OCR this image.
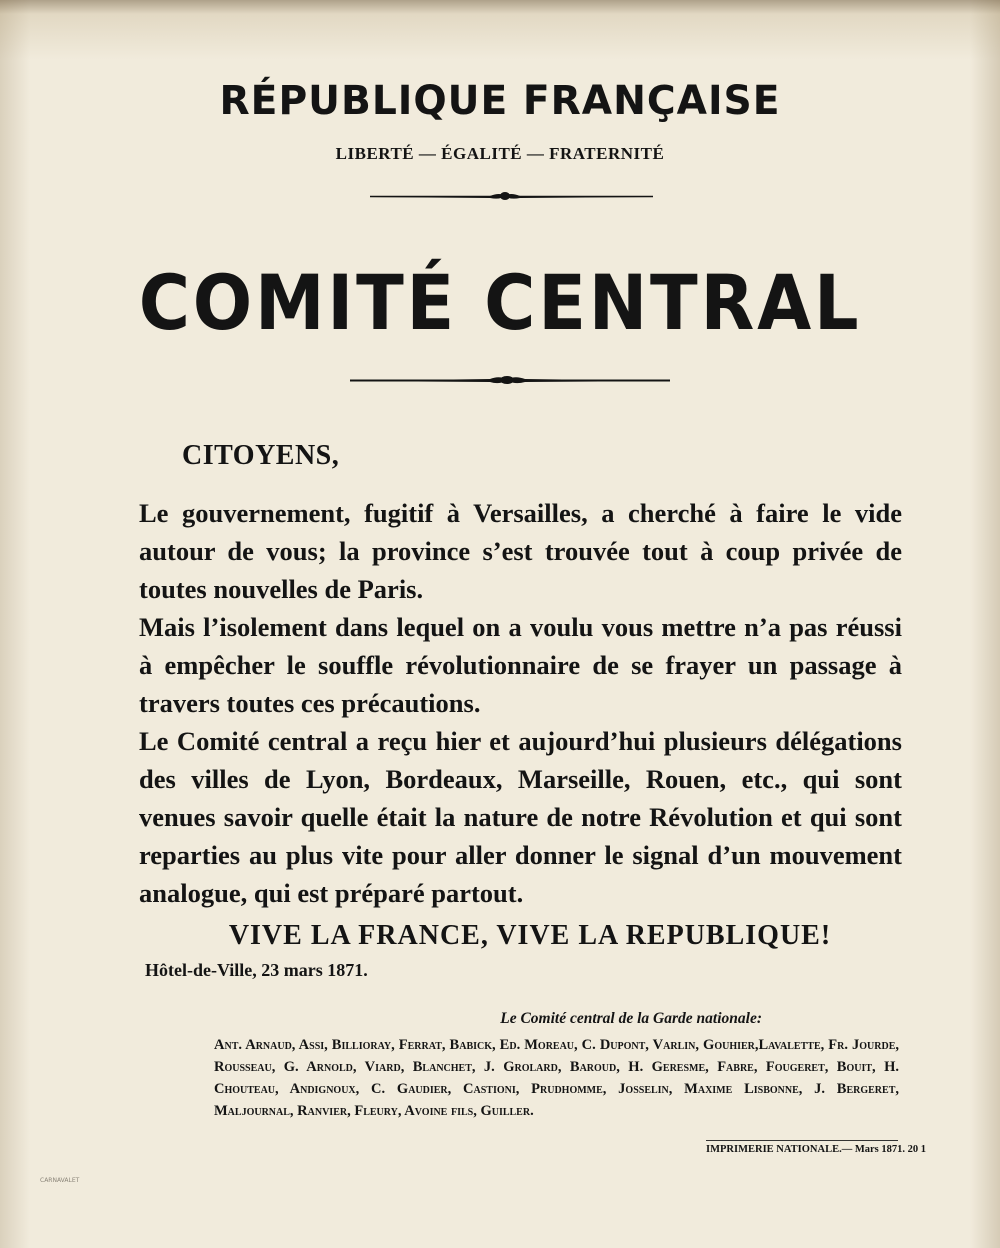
RÉPUBLIQUE FRANÇAISE
LIBERTÉ — ÉGALITÉ — FRATERNITÉ
COMITÉ CENTRAL
CITOYENS,

Le gouvernement, fugitif à Versailles, a cherché à faire le vide autour de vous; la province s’est trouvée tout à coup privée de toutes nouvelles de Paris.

Mais l’isolement dans lequel on a voulu vous mettre n’a pas réussi à empêcher le souffle révolutionnaire de se frayer un passage à travers toutes ces précautions.

Le Comité central a reçu hier et aujourd’hui plusieurs délégations des villes de Lyon, Bordeaux, Marseille, Rouen, etc., qui sont venues savoir quelle était la nature de notre Révolution et qui sont reparties au plus vite pour aller donner le signal d’un mouvement analogue, qui est préparé partout.

VIVE LA FRANCE, VIVE LA REPUBLIQUE!
Hôtel-de-Ville, 23 mars 1871.
Le Comité central de la Garde nationale:
Ant. Arnaud, Assi, Billioray, Ferrat, Babick, Ed. Moreau, C. Dupont, Varlin, Gouhier,Lavalette, Fr. Jourde, Rousseau, G. Arnold, Viard, Blanchet, J. Grolard, Baroud, H. Geresme, Fabre, Fougeret, Bouit, H. Chouteau, Andignoux, C. Gaudier, Castioni, Prudhomme, Josselin, Maxime Lisbonne, J. Bergeret, Maljournal, Ranvier, Fleury, Avoine fils, Guiller.
IMPRIMERIE NATIONALE.— Mars 1871. 20 1
CARNAVALET
